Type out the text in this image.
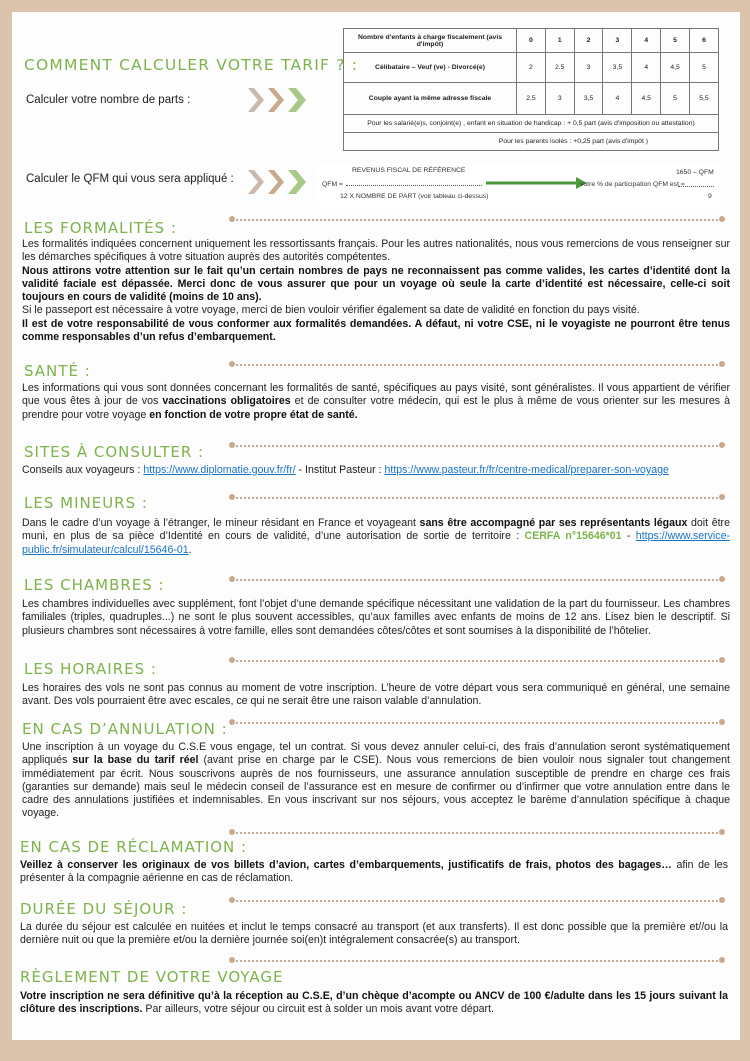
COMMENT CALCULER VOTRE TARIF ? :
Calculer votre nombre de parts :
Calculer le QFM qui vous sera appliqué :
Nombre d'enfants à charge fiscalement (avis d'impôt)	0	1	2	3	4	5	6
Célibataire – Veuf (ve) - Divorcé(e)	2	2.5	3	3,5	4	4,5	5
Couple ayant la même adresse fiscale	2,5	3	3,5	4	4,5	5	5,5
Pour les salarié(e)s, conjoint(e) , enfant en situation de handicap : + 0,5 part (avis d'imposition ou attestation)							
Pour les parents isolés : +0,25 part (avis d'impôt )							
REVENUS FISCAL DE RÉFÉRENCE
QFM =
12 X NOMBRE DE PART (voir tableau ci-dessus)
votre % de participation QFM est =
1650 – QFM
9
LES FORMALITÉS :
Les formalités indiquées concernent uniquement les ressortissants français. Pour les autres nationalités, nous vous remercions de vous renseigner sur les démarches spécifiques à votre situation auprès des autorités compétentes.
Nous attirons votre attention sur le fait qu’un certain nombres de pays ne reconnaissent pas comme valides, les cartes d’identité dont la validité faciale est dépassée. Merci donc de vous assurer que pour un voyage où seule la carte d’identité est nécessaire, celle-ci soit toujours en cours de validité (moins de 10 ans).
Si le passeport est nécessaire à votre voyage, merci de bien vouloir vérifier également sa date de validité en fonction du pays visité.
Il est de votre responsabilité de vous conformer aux formalités demandées. A défaut, ni votre CSE, ni le voyagiste ne pourront être tenus comme responsables d’un refus d’embarquement.
SANTÉ :
Les informations qui vous sont données concernant les formalités de santé, spécifiques au pays visité, sont généralistes. Il vous appartient de vérifier que vous êtes à jour de vos vaccinations obligatoires et de consulter votre médecin, qui est le plus à même de vous orienter sur les mesures à prendre pour votre voyage en fonction de votre propre état de santé.
SITES À CONSULTER :
Conseils aux voyageurs : https://www.diplomatie.gouv.fr/fr/ - Institut Pasteur : https://www.pasteur.fr/fr/centre-medical/preparer-son-voyage
LES MINEURS :
Dans le cadre d’un voyage à l’étranger, le mineur résidant en France et voyageant sans être accompagné par ses représentants légaux doit être muni, en plus de sa pièce d’Identité en cours de validité, d’une autorisation de sortie de territoire : CERFA n°15646*01 - https://www.service-public.fr/simulateur/calcul/15646-01.
LES CHAMBRES :
Les chambres individuelles avec supplément, font l’objet d’une demande spécifique nécessitant une validation de la part du fournisseur. Les chambres familiales (triples, quadruples...) ne sont le plus souvent accessibles, qu’aux familles avec enfants de moins de 12 ans. Lisez bien le descriptif. Si plusieurs chambres sont nécessaires à votre famille, elles sont demandées côtes/côtes et sont soumises à la disponibilité de l’hôtelier.
LES HORAIRES :
Les horaires des vols ne sont pas connus au moment de votre inscription. L’heure de votre départ vous sera communiqué en général, une semaine avant. Des vols pourraient être avec escales, ce qui ne serait être une raison valable d’annulation.
EN CAS D’ANNULATION :
Une inscription à un voyage du C.S.E vous engage, tel un contrat. Si vous devez annuler celui-ci, des frais d’annulation seront systématiquement appliqués sur la base du tarif réel (avant prise en charge par le CSE). Nous vous remercions de bien vouloir nous signaler tout changement immédiatement par écrit. Nous souscrivons auprès de nos fournisseurs, une assurance annulation susceptible de prendre en charge ces frais (garanties sur demande) mais seul le médecin conseil de l’assurance est en mesure de confirmer ou d’infirmer que votre annulation entre dans le cadre des annulations justifiées et indemnisables. En vous inscrivant sur nos séjours, vous acceptez le barème d’annulation spécifique à chaque voyage.
EN CAS DE RÉCLAMATION :
Veillez à conserver les originaux de vos billets d’avion, cartes d’embarquements, justificatifs de frais, photos des bagages… afin de les présenter à la compagnie aérienne en cas de réclamation.
DURÉE DU SÉJOUR :
La durée du séjour est calculée en nuitées et inclut le temps consacré au transport (et aux transferts). Il est donc possible que la première et//ou la dernière nuit ou que la première et/ou la dernière journée soi(en)t intégralement consacrée(s) au transport.
RÈGLEMENT DE VOTRE VOYAGE
Votre inscription ne sera définitive qu’à la réception au C.S.E, d’un chèque d’acompte ou ANCV de 100 €/adulte dans les 15 jours suivant la clôture des inscriptions. Par ailleurs, votre séjour ou circuit est à solder un mois avant votre départ.
